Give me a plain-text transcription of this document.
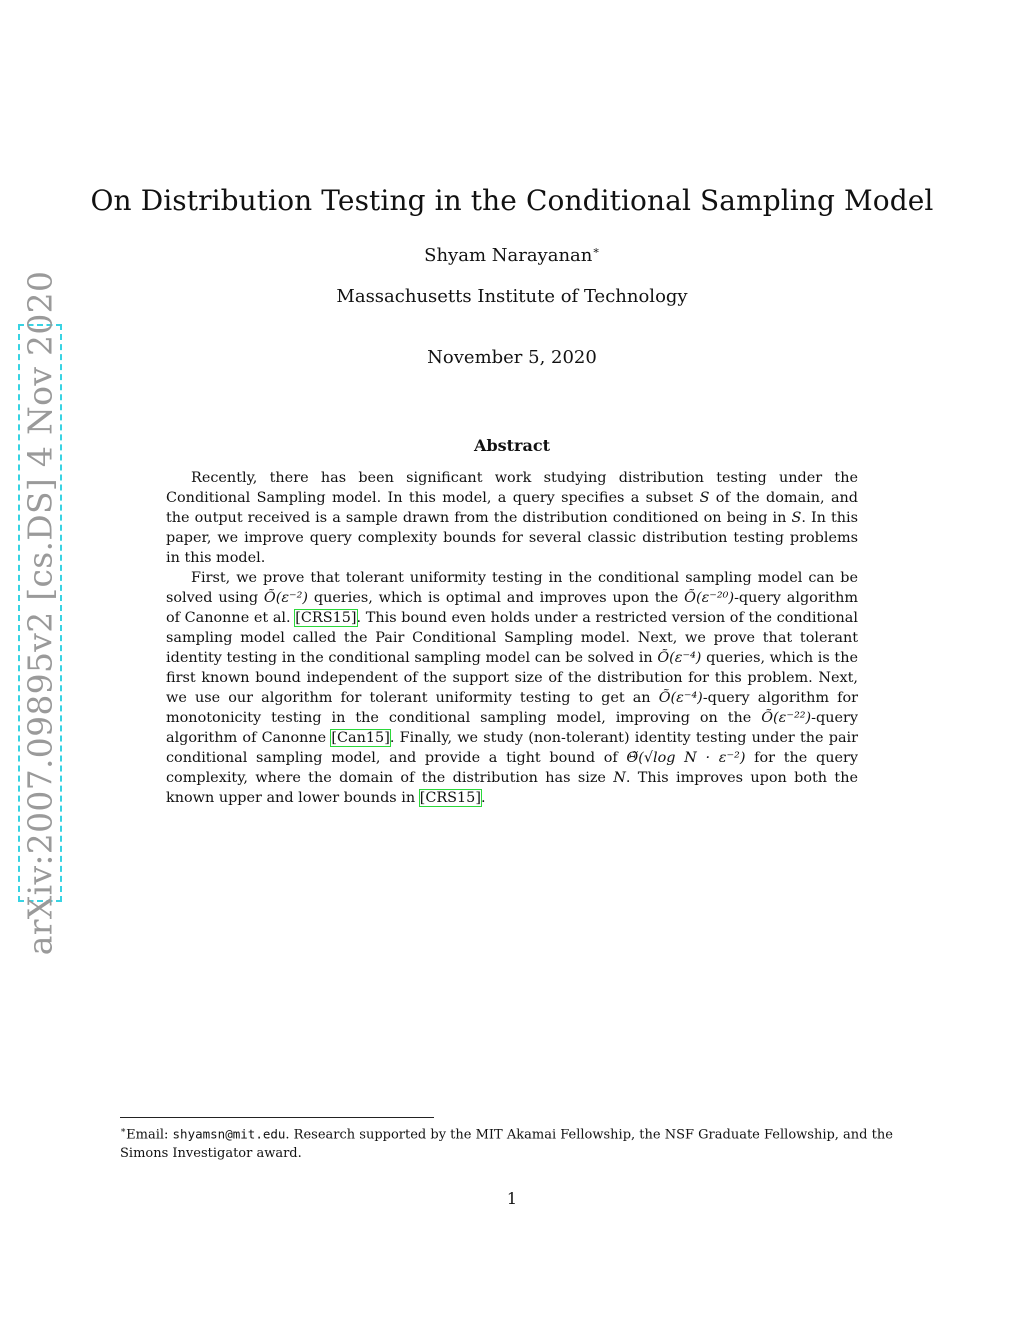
arXiv:2007.09895v2 [cs.DS] 4 Nov 2020
On Distribution Testing in the Conditional Sampling Model
Shyam Narayanan∗
Massachusetts Institute of Technology
November 5, 2020
Abstract

Recently, there has been significant work studying distribution testing under the Conditional Sampling model. In this model, a query specifies a subset S of the domain, and the output received is a sample drawn from the distribution conditioned on being in S. In this paper, we improve query complexity bounds for several classic distribution testing problems in this model.

First, we prove that tolerant uniformity testing in the conditional sampling model can be solved using Õ(ε⁻²) queries, which is optimal and improves upon the Õ(ε⁻²⁰)-query algorithm of Canonne et al. [CRS15]. This bound even holds under a restricted version of the conditional sampling model called the Pair Conditional Sampling model. Next, we prove that tolerant identity testing in the conditional sampling model can be solved in Õ(ε⁻⁴) queries, which is the first known bound independent of the support size of the distribution for this problem. Next, we use our algorithm for tolerant uniformity testing to get an Õ(ε⁻⁴)-query algorithm for monotonicity testing in the conditional sampling model, improving on the Õ(ε⁻²²)-query algorithm of Canonne [Can15]. Finally, we study (non-tolerant) identity testing under the pair conditional sampling model, and provide a tight bound of Θ̃(√log N · ε⁻²) for the query complexity, where the domain of the distribution has size N. This improves upon both the known upper and lower bounds in [CRS15].

∗Email: shyamsn@mit.edu. Research supported by the MIT Akamai Fellowship, the NSF Graduate Fellowship, and the Simons Investigator award.
1
